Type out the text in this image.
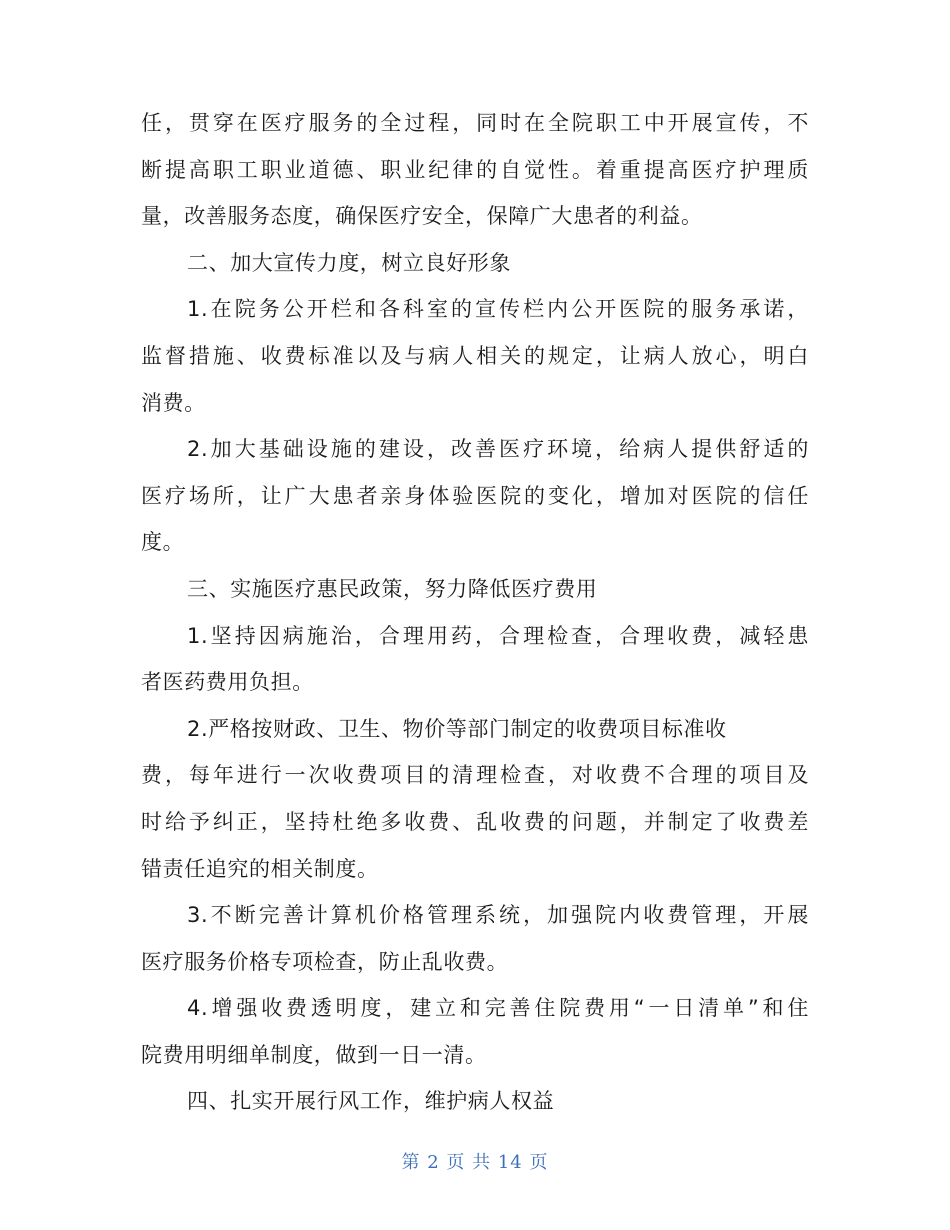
任，贯穿在医疗服务的全过程，同时在全院职工中开展宣传，不
断提高职工职业道德、职业纪律的自觉性。着重提高医疗护理质
量，改善服务态度，确保医疗安全，保障广大患者的利益。
二、加大宣传力度，树立良好形象
1.在院务公开栏和各科室的宣传栏内公开医院的服务承诺，
监督措施、收费标准以及与病人相关的规定，让病人放心，明白
消费。
2.加大基础设施的建设，改善医疗环境，给病人提供舒适的
医疗场所，让广大患者亲身体验医院的变化，增加对医院的信任
度。
三、实施医疗惠民政策，努力降低医疗费用
1.坚持因病施治，合理用药，合理检查，合理收费，减轻患
者医药费用负担。
2.严格按财政、卫生、物价等部门制定的收费项目标准收
费，每年进行一次收费项目的清理检查，对收费不合理的项目及
时给予纠正，坚持杜绝多收费、乱收费的问题，并制定了收费差
错责任追究的相关制度。
3.不断完善计算机价格管理系统，加强院内收费管理，开展
医疗服务价格专项检查，防止乱收费。
4.增强收费透明度，建立和完善住院费用“一日清单”和住
院费用明细单制度，做到一日一清。
四、扎实开展行风工作，维护病人权益
第 2 页 共 14 页
